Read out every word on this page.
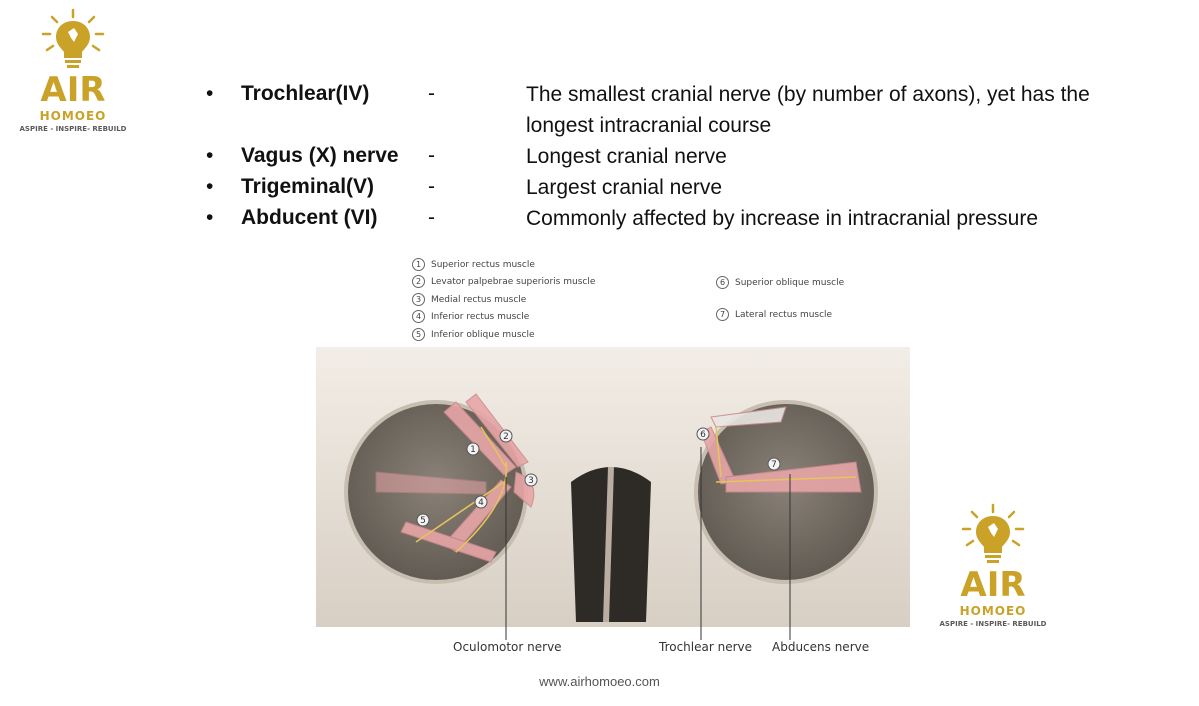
AIR
HOMOEO
ASPIRE - INSPIRE- REBUILD
• Trochlear(IV)	-	The smallest cranial nerve (by number of axons), yet has the longest intracranial course
• Vagus (X) nerve -	Longest cranial nerve
• Trigeminal(V)	-	Largest cranial nerve
• Abducent (VI) -	Commonly affected by increase in intracranial pressure
1 Superior rectus muscle
2 Levator palpebrae superioris muscle
3 Medial rectus muscle
4 Inferior rectus muscle
5 Inferior oblique muscle
6 Superior oblique muscle
7 Lateral rectus muscle
1
2
3
4
5
6
7
Oculomotor nerve	Trochlear nerve Abducens nerve
AIR
HOMOEO
ASPIRE - INSPIRE- REBUILD
www.airhomoeo.com
